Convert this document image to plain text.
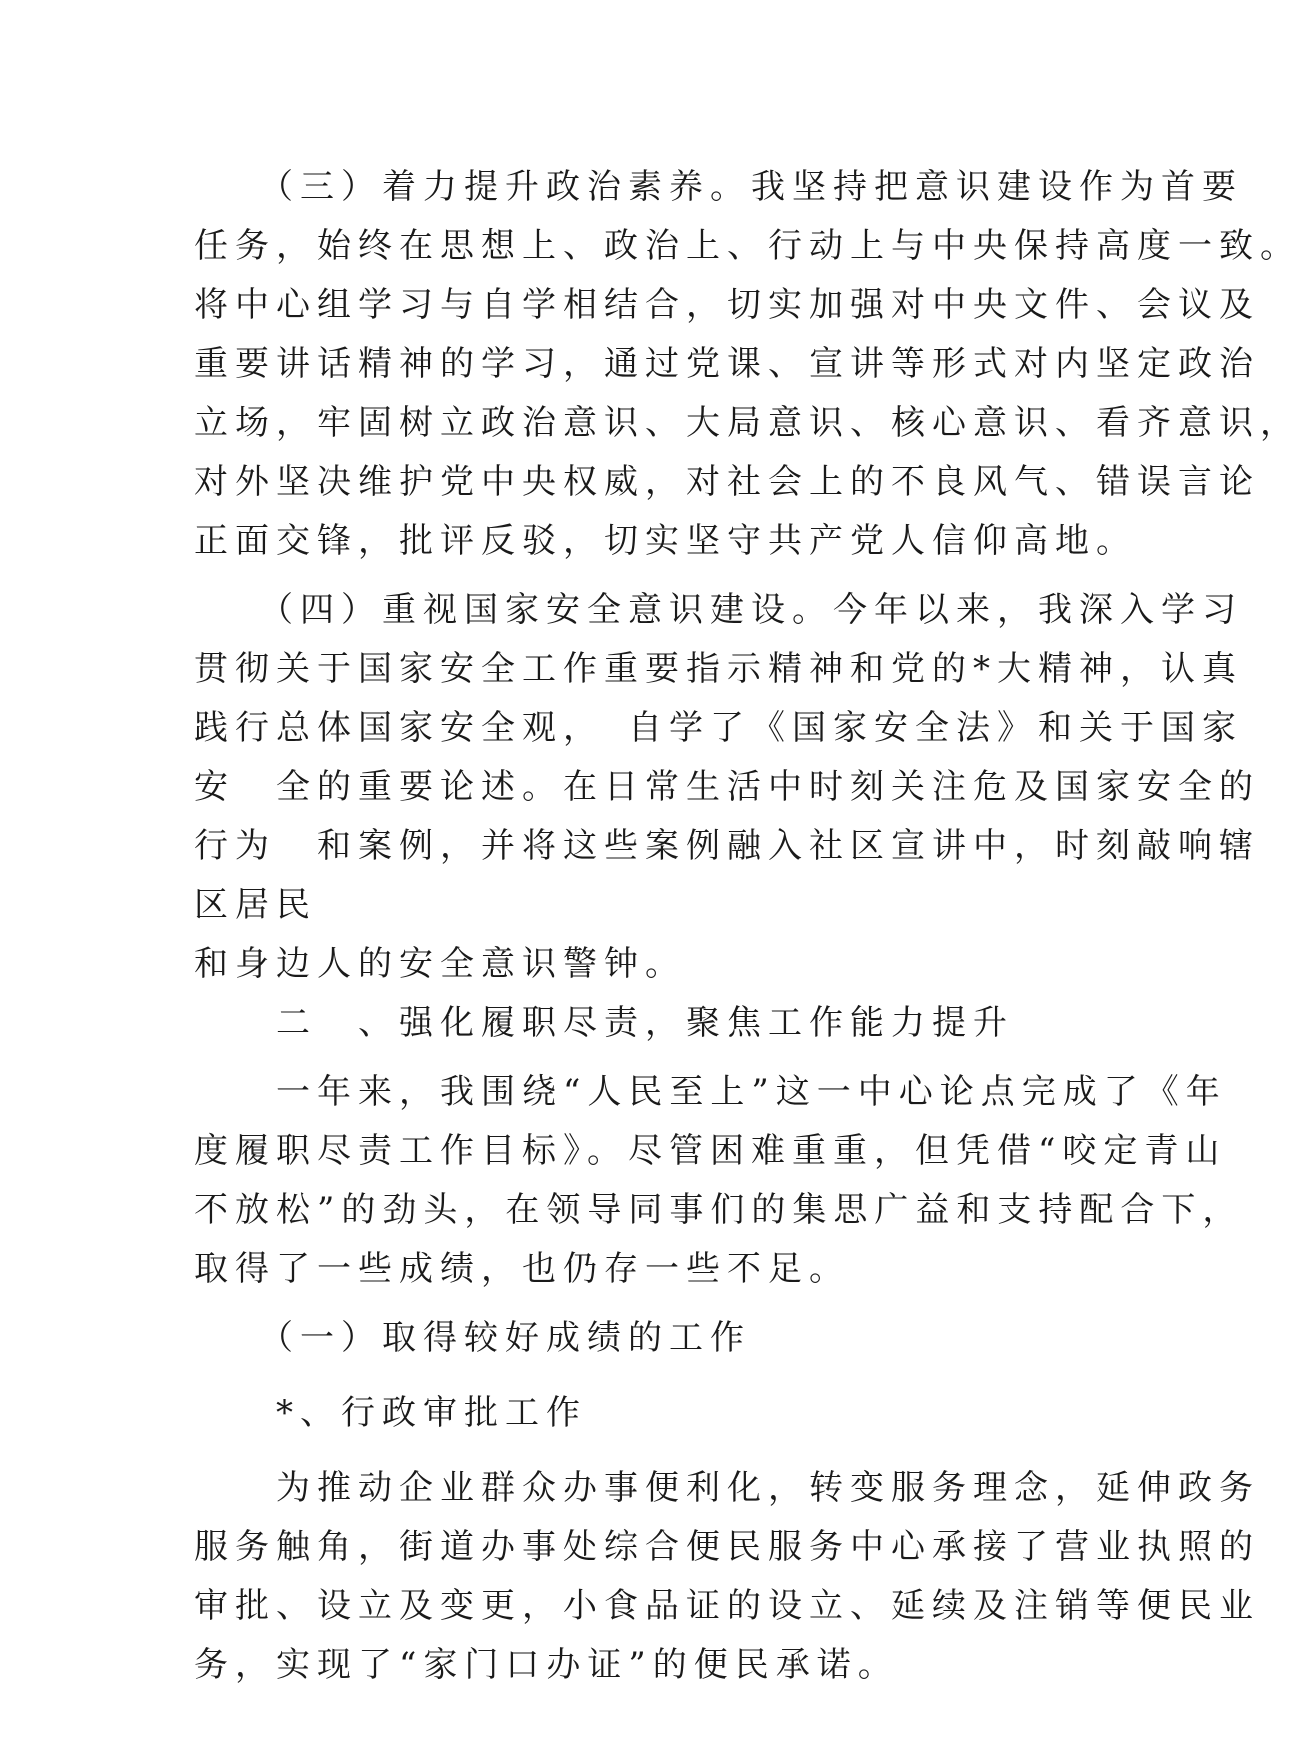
　　（三）着力提升政治素养。我坚持把意识建设作为首要
任务，始终在思想上、政治上、行动上与中央保持高度一致。
将中心组学习与自学相结合，切实加强对中央文件、会议及
重要讲话精神的学习，通过党课、宣讲等形式对内坚定政治
立场，牢固树立政治意识、大局意识、核心意识、看齐意识，
对外坚决维护党中央权威，对社会上的不良风气、错误言论
正面交锋，批评反驳，切实坚守共产党人信仰高地。
　　（四）重视国家安全意识建设。今年以来，我深入学习
贯彻关于国家安全工作重要指示精神和党的*大精神，认真
践行总体国家安全观，　自学了《国家安全法》和关于国家
安　全的重要论述。在日常生活中时刻关注危及国家安全的
行为　和案例，并将这些案例融入社区宣讲中，时刻敲响辖
区居民
和身边人的安全意识警钟。
　　二　、强化履职尽责，聚焦工作能力提升
　　一年来，我围绕“人民至上”这一中心论点完成了《年
度履职尽责工作目标》。尽管困难重重，但凭借“咬定青山
不放松”的劲头，在领导同事们的集思广益和支持配合下，
取得了一些成绩，也仍存一些不足。
　　（一）取得较好成绩的工作
　　*、行政审批工作
　　为推动企业群众办事便利化，转变服务理念，延伸政务
服务触角，街道办事处综合便民服务中心承接了营业执照的
审批、设立及变更，小食品证的设立、延续及注销等便民业
务，实现了“家门口办证”的便民承诺。
